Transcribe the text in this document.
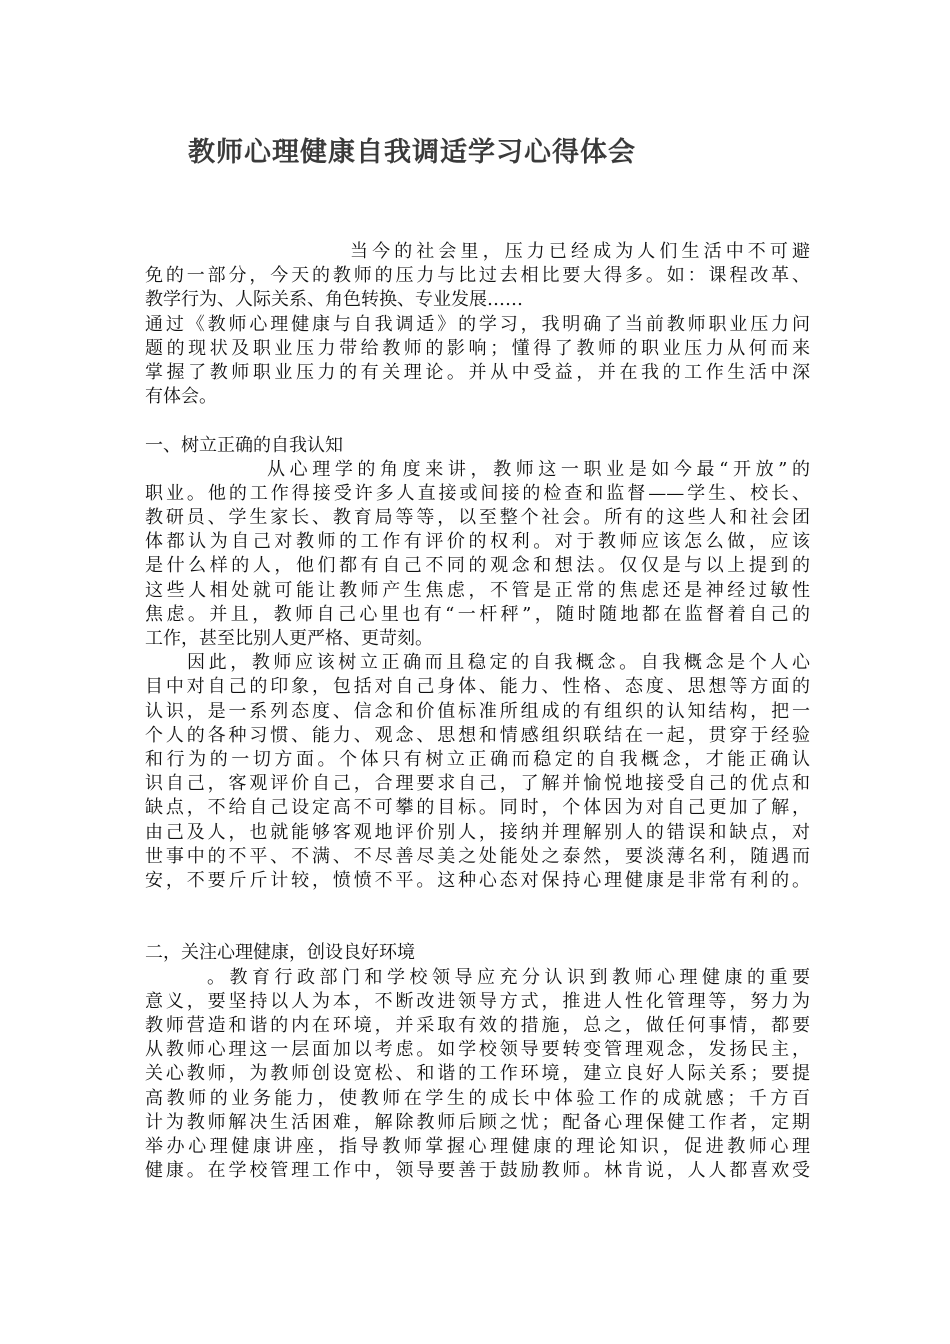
教师心理健康自我调适学习心得体会
当今的社会里，压力已经成为人们生活中不可避
免的一部分，今天的教师的压力与比过去相比要大得多。如：课程改革、
教学行为、人际关系、角色转换、专业发展……
通过《教师心理健康与自我调适》的学习，我明确了当前教师职业压力问
题的现状及职业压力带给教师的影响；懂得了教师的职业压力从何而来
掌握了教师职业压力的有关理论。并从中受益，并在我的工作生活中深
有体会。
一、树立正确的自我认知
从心理学的角度来讲，教师这一职业是如今最“开放”的
职业。他的工作得接受许多人直接或间接的检查和监督——学生、校长、
教研员、学生家长、教育局等等，以至整个社会。所有的这些人和社会团
体都认为自己对教师的工作有评价的权利。对于教师应该怎么做，应该
是什么样的人，他们都有自己不同的观念和想法。仅仅是与以上提到的
这些人相处就可能让教师产生焦虑，不管是正常的焦虑还是神经过敏性
焦虑。并且，教师自己心里也有“一杆秤”，随时随地都在监督着自己的
工作，甚至比别人更严格、更苛刻。
因此，教师应该树立正确而且稳定的自我概念。自我概念是个人心
目中对自己的印象，包括对自己身体、能力、性格、态度、思想等方面的
认识，是一系列态度、信念和价值标准所组成的有组织的认知结构，把一
个人的各种习惯、能力、观念、思想和情感组织联结在一起，贯穿于经验
和行为的一切方面。个体只有树立正确而稳定的自我概念，才能正确认
识自己，客观评价自己，合理要求自己，了解并愉悦地接受自己的优点和
缺点，不给自己设定高不可攀的目标。同时，个体因为对自己更加了解，
由己及人，也就能够客观地评价别人，接纳并理解别人的错误和缺点，对
世事中的不平、不满、不尽善尽美之处能处之泰然，要淡薄名利，随遇而
安，不要斤斤计较，愤愤不平。这种心态对保持心理健康是非常有利的。
二，关注心理健康，创设良好环境
。教育行政部门和学校领导应充分认识到教师心理健康的重要
意义，要坚持以人为本，不断改进领导方式，推进人性化管理等，努力为
教师营造和谐的内在环境，并采取有效的措施，总之，做任何事情，都要
从教师心理这一层面加以考虑。如学校领导要转变管理观念，发扬民主，
关心教师，为教师创设宽松、和谐的工作环境，建立良好人际关系；要提
高教师的业务能力，使教师在学生的成长中体验工作的成就感；千方百
计为教师解决生活困难，解除教师后顾之忧；配备心理保健工作者，定期
举办心理健康讲座，指导教师掌握心理健康的理论知识，促进教师心理
健康。在学校管理工作中，领导要善于鼓励教师。林肯说，人人都喜欢受
